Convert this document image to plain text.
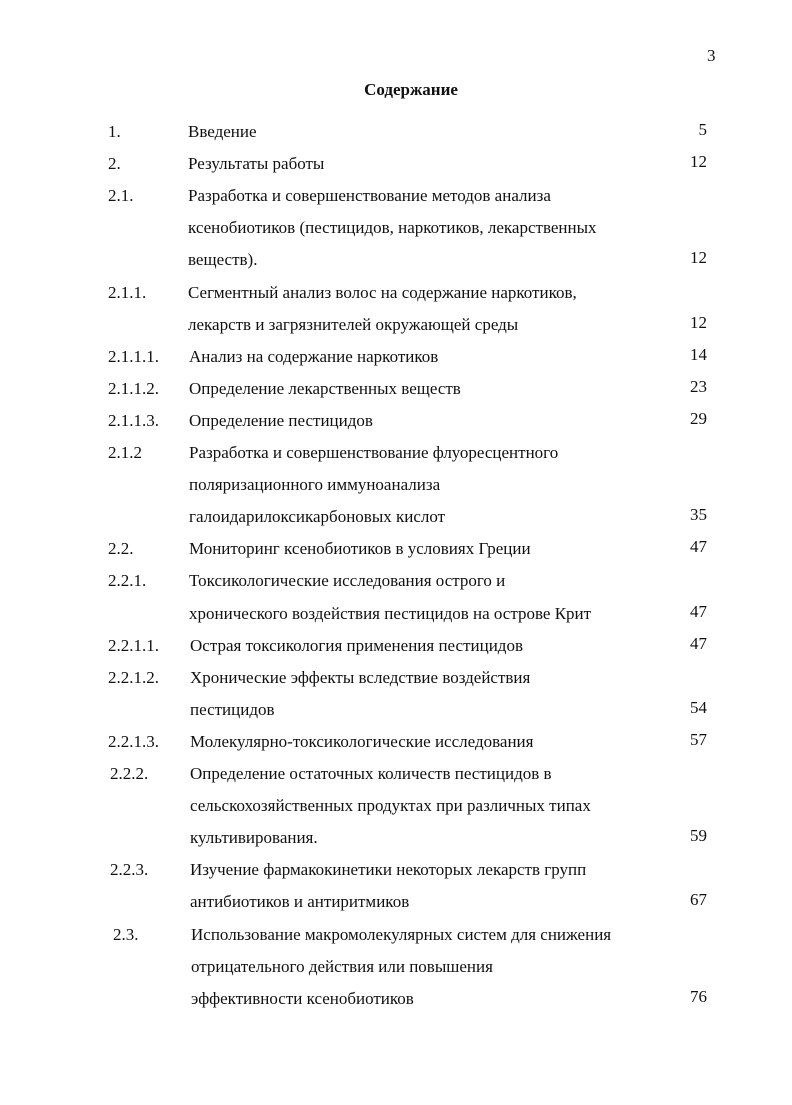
3
Содержание
1.	Введение	5
2.	Результаты работы	12
2.1.	Разработка и совершенствование методов анализа
ксенобиотиков (пестицидов, наркотиков, лекарственных
веществ).	12
2.1.1. Сегментный анализ волос на содержание наркотиков,
лекарств и загрязнителей окружающей среды	12
2.1.1.1. Анализ на содержание наркотиков	14
2.1.1.2. Определение лекарственных веществ	23
2.1.1.3. Определение пестицидов	29
2.1.2	Разработка и совершенствование флуоресцентного
поляризационного иммуноанализа
галоидарилоксикарбоновых кислот	35
2.2.	Мониторинг ксенобиотиков в условиях Греции	47
2.2.1.	Токсикологические исследования острого и
хронического воздействия пестицидов на острове Крит	47
2.2.1.1. Острая токсикология применения пестицидов	47
2.2.1.2. Хронические эффекты вследствие воздействия
пестицидов	54
2.2.1.3. Молекулярно-токсикологические исследования	57
2.2.2. Определение остаточных количеств пестицидов в
сельскохозяйственных продуктах при различных типах
культивирования.	59
2.2.3. Изучение фармакокинетики некоторых лекарств групп
антибиотиков и антиритмиков	67
2.3.	Использование макромолекулярных систем для снижения
отрицательного действия или повышения
эффективности ксенобиотиков	76
